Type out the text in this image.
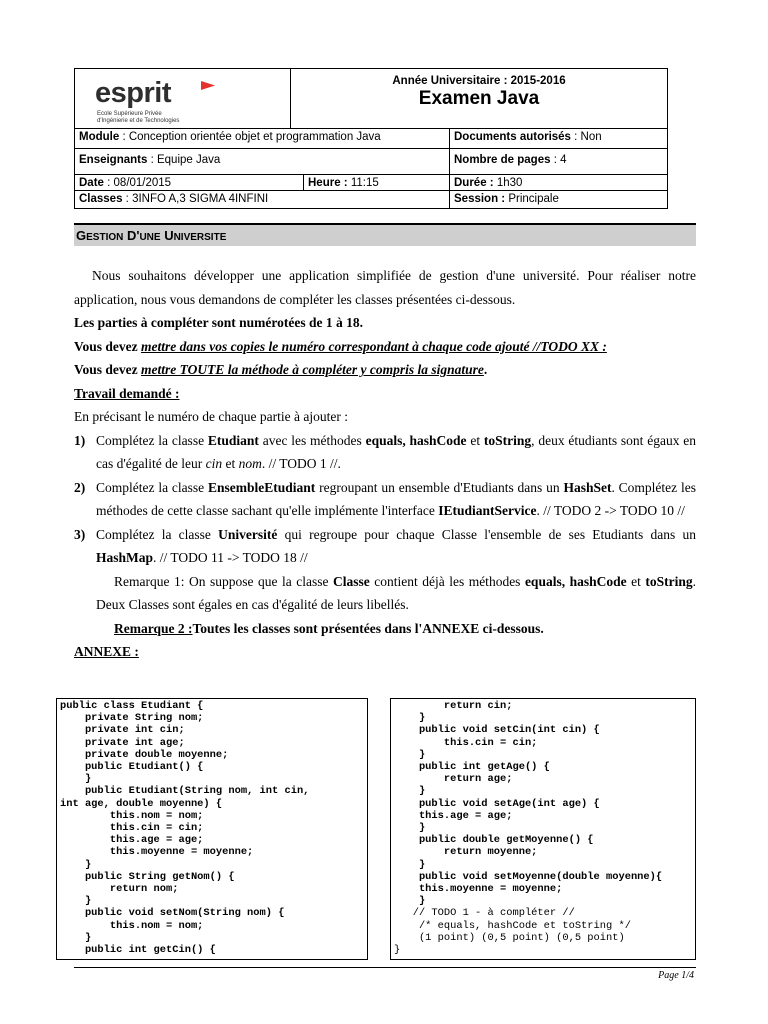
esprit
Ecole Supérieure Privée
d'Ingénierie et de Technologies
Année Universitaire : 2015-2016
Examen Java
Module : Conception orientée objet et programmation Java	Documents autorisés : Non
Enseignants : Equipe Java	Nombre de pages : 4
Date : 08/01/2015	Heure : 11:15	Durée : 1h30
Classes : 3INFO A,3 SIGMA 4INFINI	Session : Principale
GESTION D'UNE UNIVERSITE

Nous souhaitons développer une application simplifiée de gestion d'une université. Pour réaliser notre application, nous vous demandons de compléter les classes présentées ci-dessous.

Les parties à compléter sont numérotées de 1 à 18.

Vous devez mettre dans vos copies le numéro correspondant à chaque code ajouté //TODO XX :

Vous devez mettre TOUTE la méthode à compléter y compris la signature.

Travail demandé :

En précisant le numéro de chaque partie à ajouter :

1) Complétez la classe Etudiant avec les méthodes equals, hashCode et toString, deux étudiants sont égaux en cas d'égalité de leur cin et nom. // TODO 1 //.
2) Complétez la classe EnsembleEtudiant regroupant un ensemble d'Etudiants dans un HashSet. Complétez les méthodes de cette classe sachant qu'elle implémente l'interface IEtudiantService. // TODO 2 -> TODO 10 //
3) Complétez la classe Université qui regroupe pour chaque Classe l'ensemble de ses Etudiants dans un HashMap. // TODO 11 -> TODO 18 //

Remarque 1: On suppose que la classe Classe contient déjà les méthodes equals, hashCode et toString. Deux Classes sont égales en cas d'égalité de leurs libellés.

Remarque 2 :Toutes les classes sont présentées dans l'ANNEXE ci-dessous.

ANNEXE :

public class Etudiant {
private String nom;
private int cin;
private int age;
private double moyenne;
public Etudiant() {
}
public Etudiant(String nom, int cin,
int age, double moyenne) {
this.nom = nom;
this.cin = cin;
this.age = age;
this.moyenne = moyenne;
}
public String getNom() {
return nom;
}
public void setNom(String nom) {
this.nom = nom;
}
public int getCin() {
return cin;
}
public void setCin(int cin) {
this.cin = cin;
}
public int getAge() {
return age;
}
public void setAge(int age) {
this.age = age;
}
public double getMoyenne() {
return moyenne;
}
public void setMoyenne(double moyenne){
this.moyenne = moyenne;
}
// TODO 1 - à compléter //
/* equals, hashCode et toString */
(1 point) (0,5 point) (0,5 point)
}
Page 1/4
